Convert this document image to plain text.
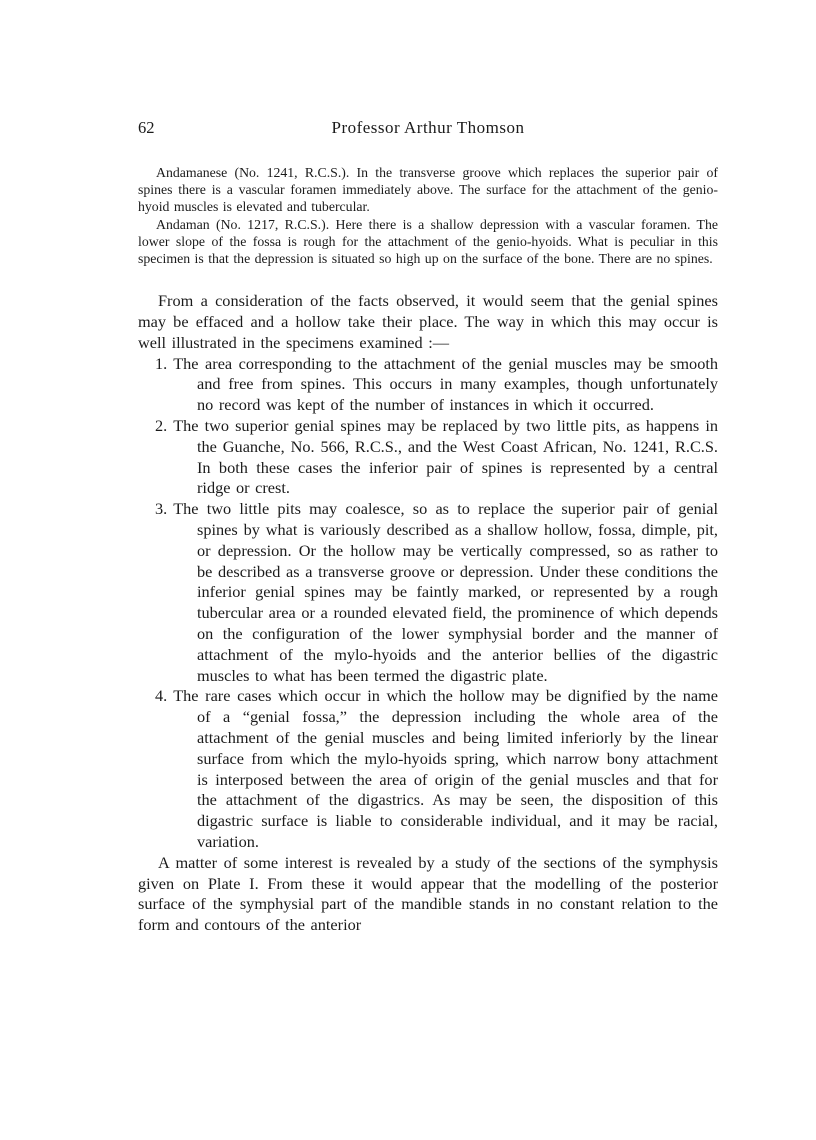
62	Professor Arthur Thomson

Andamanese (No. 1241, R.C.S.). In the transverse groove which replaces the superior pair of spines there is a vascular foramen immediately above. The surface for the attachment of the genio-hyoid muscles is elevated and tubercular.

Andaman (No. 1217, R.C.S.). Here there is a shallow depression with a vascular foramen. The lower slope of the fossa is rough for the attachment of the genio-hyoids. What is peculiar in this specimen is that the depression is situated so high up on the surface of the bone. There are no spines.

From a consideration of the facts observed, it would seem that the genial spines may be effaced and a hollow take their place. The way in which this may occur is well illustrated in the specimens examined :—

1. The area corresponding to the attachment of the genial muscles may be smooth and free from spines. This occurs in many examples, though unfortunately no record was kept of the number of instances in which it occurred.
2. The two superior genial spines may be replaced by two little pits, as happens in the Guanche, No. 566, R.C.S., and the West Coast African, No. 1241, R.C.S. In both these cases the inferior pair of spines is represented by a central ridge or crest.
3. The two little pits may coalesce, so as to replace the superior pair of genial spines by what is variously described as a shallow hollow, fossa, dimple, pit, or depression. Or the hollow may be vertically compressed, so as rather to be described as a transverse groove or depression. Under these conditions the inferior genial spines may be faintly marked, or represented by a rough tubercular area or a rounded elevated field, the prominence of which depends on the configuration of the lower symphysial border and the manner of attachment of the mylo-hyoids and the anterior bellies of the digastric muscles to what has been termed the digastric plate.
4. The rare cases which occur in which the hollow may be dignified by the name of a “genial fossa,” the depression including the whole area of the attachment of the genial muscles and being limited inferiorly by the linear surface from which the mylo-hyoids spring, which narrow bony attachment is interposed between the area of origin of the genial muscles and that for the attachment of the digastrics. As may be seen, the disposition of this digastric surface is liable to considerable individual, and it may be racial, variation.

A matter of some interest is revealed by a study of the sections of the symphysis given on Plate I. From these it would appear that the modelling of the posterior surface of the symphysial part of the mandible stands in no constant relation to the form and contours of the anterior
